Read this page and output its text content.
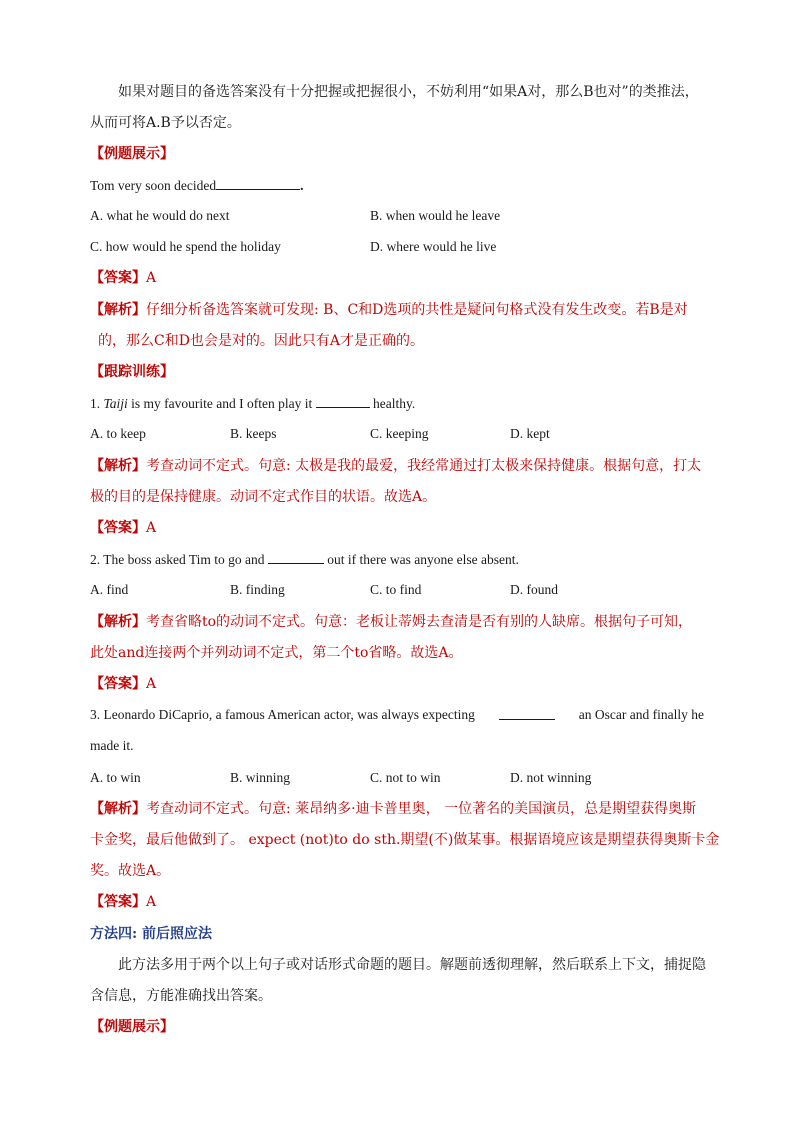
如果对题目的备选答案没有十分把握或把握很小，不妨利用“如果A对，那么B也对”的类推法，
从而可将A.B予以否定。
【例题展示】
Tom very soon decided	.
A. what he would do next	B. when would he leave
C. how would he spend the holiday	D. where would he live
【答案】A
【解析】仔细分析备选答案就可发现: B、C和D选项的共性是疑问句格式没有发生改变。若B是对
的，那么C和D也会是对的。因此只有A才是正确的。
【跟踪训练】
1. Taiji is my favourite and I often play it	healthy.
A. to keep	B. keeps	C. keeping	D. kept
【解析】考查动词不定式。句意: 太极是我的最爱，我经常通过打太极来保持健康。根据句意，打太
极的目的是保持健康。动词不定式作目的状语。故选A。
【答案】A
2. The boss asked Tim to go and	out if there was anyone else absent.
A. find	B. finding	C. to find	D. found
【解析】考查省略to的动词不定式。句意：老板让蒂姆去查清是否有别的人缺席。根据句子可知，
此处and连接两个并列动词不定式，第二个to省略。故选A。
【答案】A
3. Leonardo DiCaprio, a famous American actor, was always expecting	an Oscar and finally he
made it.
A. to win	B. winning	C. not to win	D. not winning
【解析】考查动词不定式。句意: 莱昂纳多·迪卡普里奥， 一位著名的美国演员，总是期望获得奥斯
卡金奖，最后他做到了。 expect (not)to do sth.期望(不)做某事。根据语境应该是期望获得奥斯卡金
奖。故选A。
【答案】A
方法四: 前后照应法
此方法多用于两个以上句子或对话形式命题的题目。解题前透彻理解，然后联系上下文，捕捉隐
含信息，方能准确找出答案。
【例题展示】
